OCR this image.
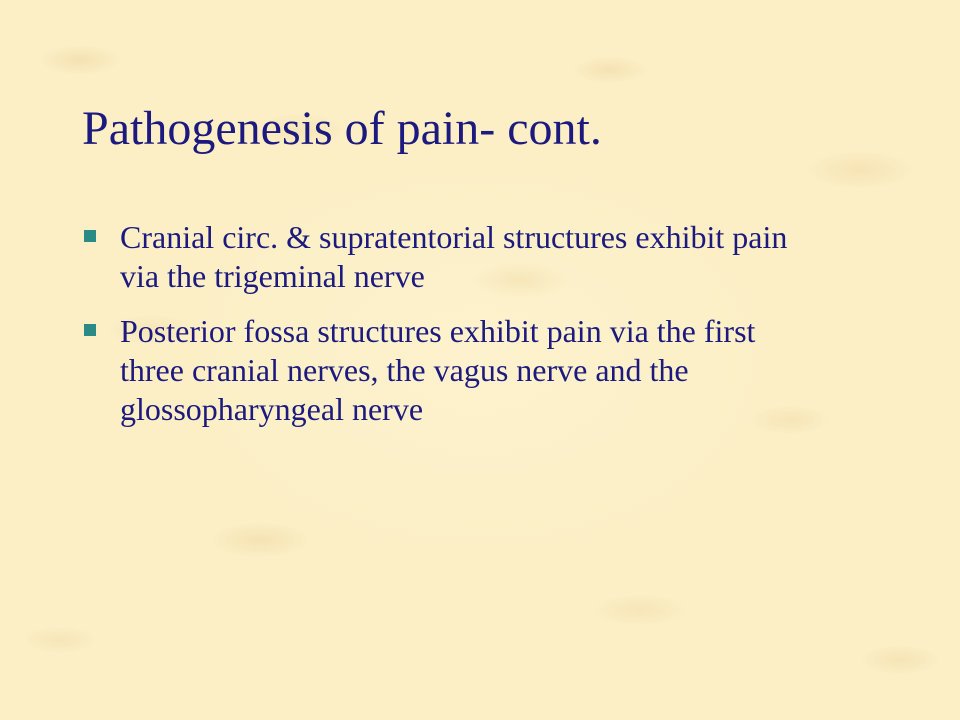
Pathogenesis of pain- cont.
Cranial circ. & supratentorial structures exhibit pain via the trigeminal nerve
Posterior fossa structures exhibit pain via the first three cranial nerves, the vagus nerve and the glossopharyngeal nerve
